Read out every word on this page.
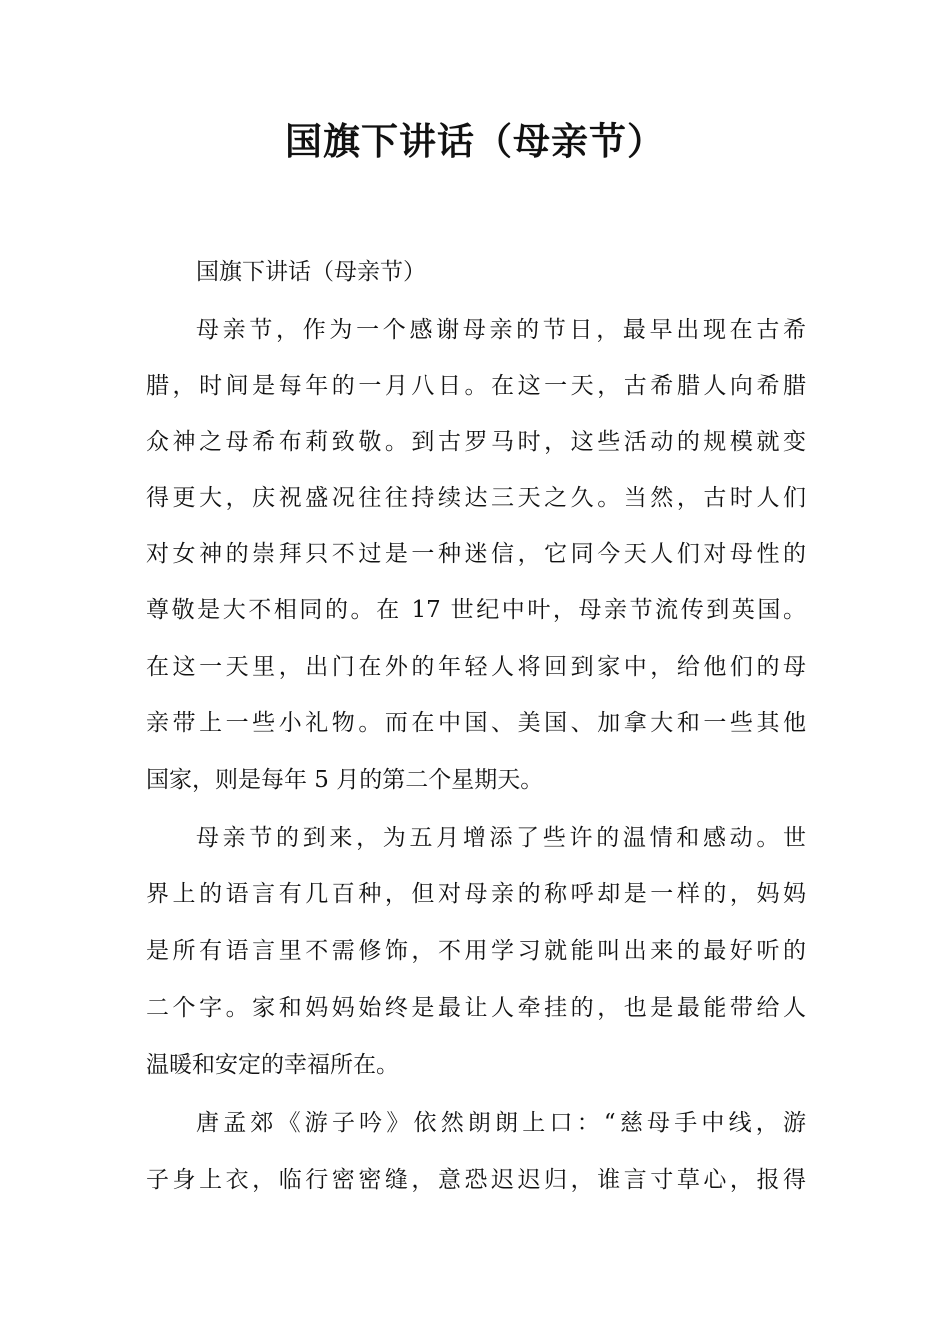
国旗下讲话（母亲节）

国旗下讲话（母亲节）

母亲节，作为一个感谢母亲的节日，最早出现在古希

腊，时间是每年的一月八日。在这一天，古希腊人向希腊

众神之母希布莉致敬。到古罗马时，这些活动的规模就变

得更大，庆祝盛况往往持续达三天之久。当然，古时人们

对女神的崇拜只不过是一种迷信，它同今天人们对母性的

尊敬是大不相同的。在 17 世纪中叶，母亲节流传到英国。

在这一天里，出门在外的年轻人将回到家中，给他们的母

亲带上一些小礼物。而在中国、美国、加拿大和一些其他

国家，则是每年 5 月的第二个星期天。

母亲节的到来，为五月增添了些许的温情和感动。世

界上的语言有几百种，但对母亲的称呼却是一样的，妈妈

是所有语言里不需修饰，不用学习就能叫出来的最好听的

二个字。家和妈妈始终是最让人牵挂的，也是最能带给人

温暖和安定的幸福所在。

唐孟郊《游子吟》依然朗朗上口：“慈母手中线，游

子身上衣，临行密密缝，意恐迟迟归，谁言寸草心，报得
